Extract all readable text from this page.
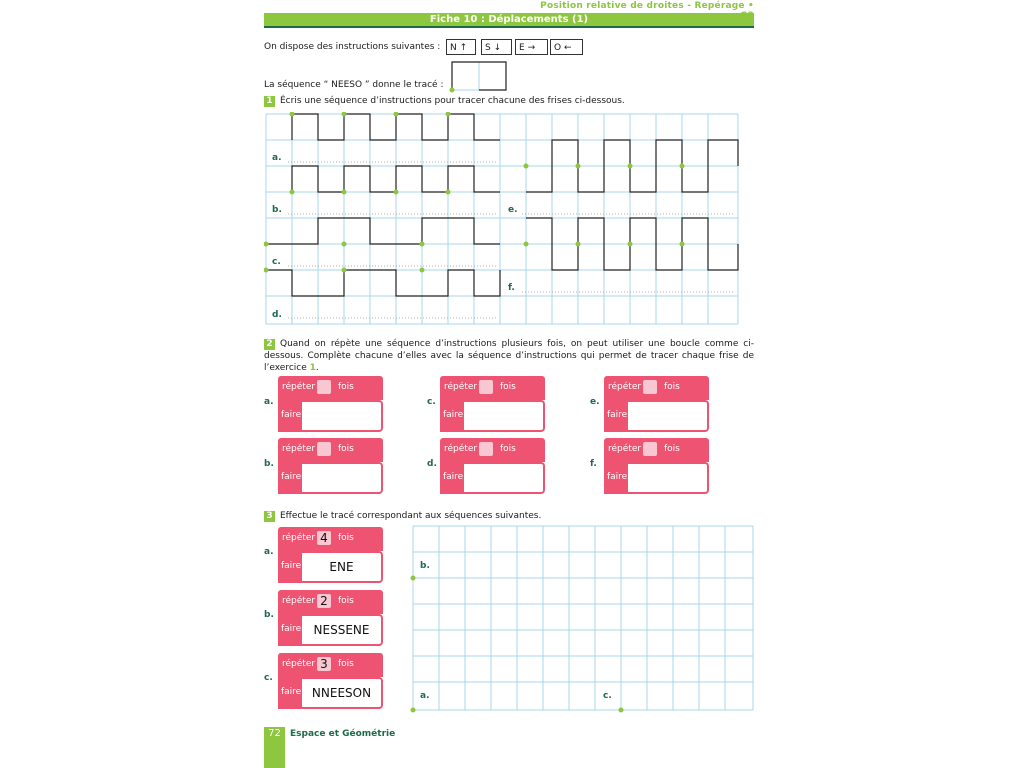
Position relative de droites - Repérage •
Fiche 10 : Déplacements (1)
On dispose des instructions suivantes :	N ↑	S ↓	E →	O ←
La séquence “ NEESO ” donne le tracé :
1 Écris une séquence d’instructions pour tracer chacune des frises ci-dessous.
a.
b.
c.
d.
e.
f.
2 Quand on répète une séquence d’instructions plusieurs fois, on peut utiliser une boucle comme ci-dessous. Complète chacune d’elles avec la séquence d’instructions qui permet de tracer chaque frise de l’exercice 1.
a.
répéter	fois
faire
b.
répéter	fois
faire
c.
répéter	fois
faire
d.
répéter	fois
faire
e.
répéter	fois
faire
f.
répéter	fois
faire
3 Effectue le tracé correspondant aux séquences suivantes.
a.
ENE
répéter 4	fois
faire
b.
NESSENE
répéter 2	fois
faire
c.
NNEESON
répéter 3	fois
faire
b.
a.	c.
72	Espace et Géométrie
